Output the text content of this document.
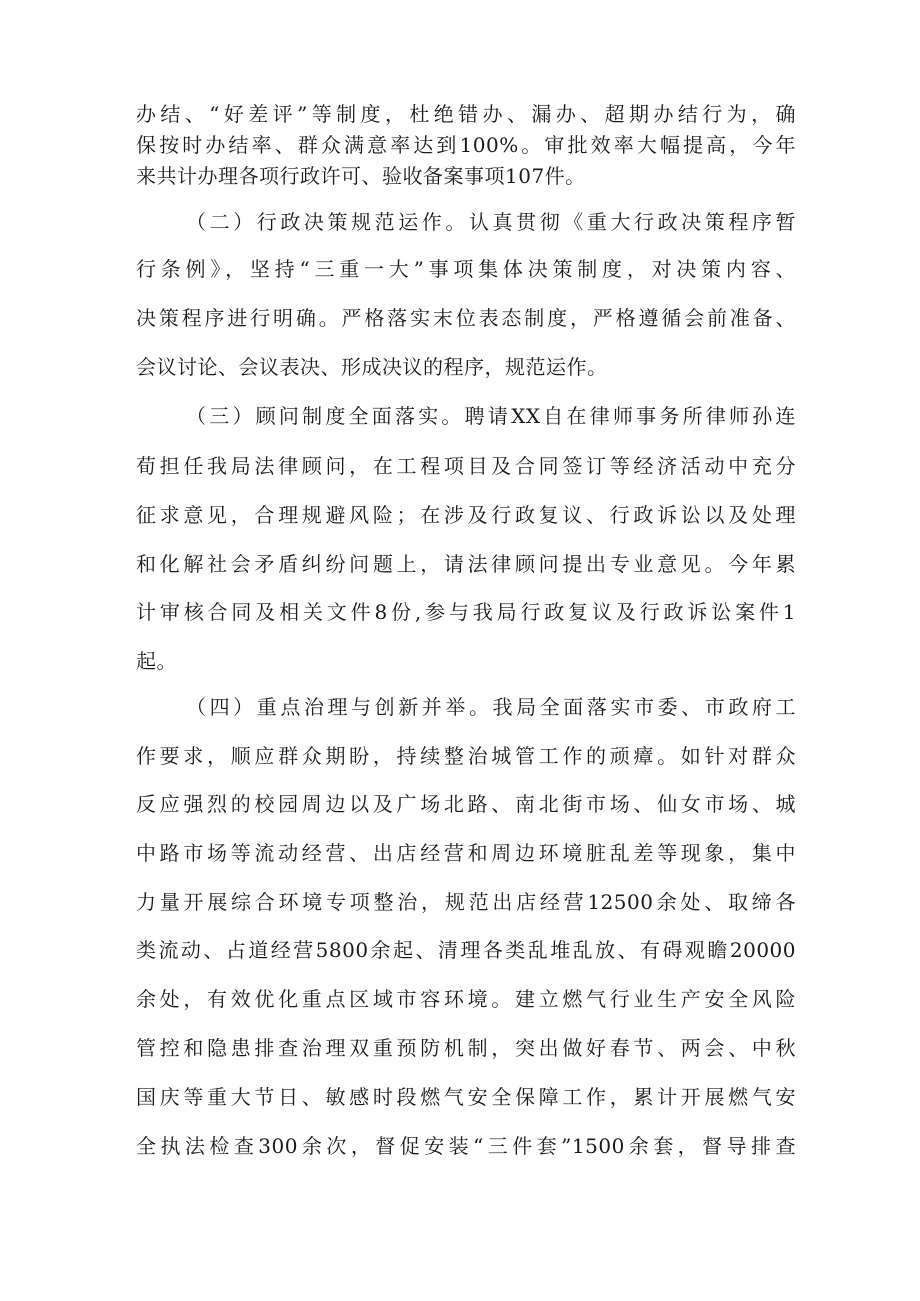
办结、“好差评”等制度，杜绝错办、漏办、超期办结行为，确

保按时办结率、群众满意率达到100%。审批效率大幅提高，今年

来共计办理各项行政许可、验收备案事项107件。

（二）行政决策规范运作。认真贯彻《重大行政决策程序暂

行条例》，坚持“三重一大”事项集体决策制度，对决策内容、

决策程序进行明确。严格落实末位表态制度，严格遵循会前准备、

会议讨论、会议表决、形成决议的程序，规范运作。

（三）顾问制度全面落实。聘请XX自在律师事务所律师孙连

荀担任我局法律顾问，在工程项目及合同签订等经济活动中充分

征求意见，合理规避风险；在涉及行政复议、行政诉讼以及处理

和化解社会矛盾纠纷问题上，请法律顾问提出专业意见。今年累

计审核合同及相关文件8份,参与我局行政复议及行政诉讼案件1

起。

（四）重点治理与创新并举。我局全面落实市委、市政府工

作要求，顺应群众期盼，持续整治城管工作的顽瘴。如针对群众

反应强烈的校园周边以及广场北路、南北街市场、仙女市场、城

中路市场等流动经营、出店经营和周边环境脏乱差等现象，集中

力量开展综合环境专项整治，规范出店经营12500余处、取缔各

类流动、占道经营5800余起、清理各类乱堆乱放、有碍观瞻20000

余处，有效优化重点区域市容环境。建立燃气行业生产安全风险

管控和隐患排查治理双重预防机制，突出做好春节、两会、中秋

国庆等重大节日、敏感时段燃气安全保障工作，累计开展燃气安

全执法检查300余次，督促安装“三件套”1500余套，督导排查
